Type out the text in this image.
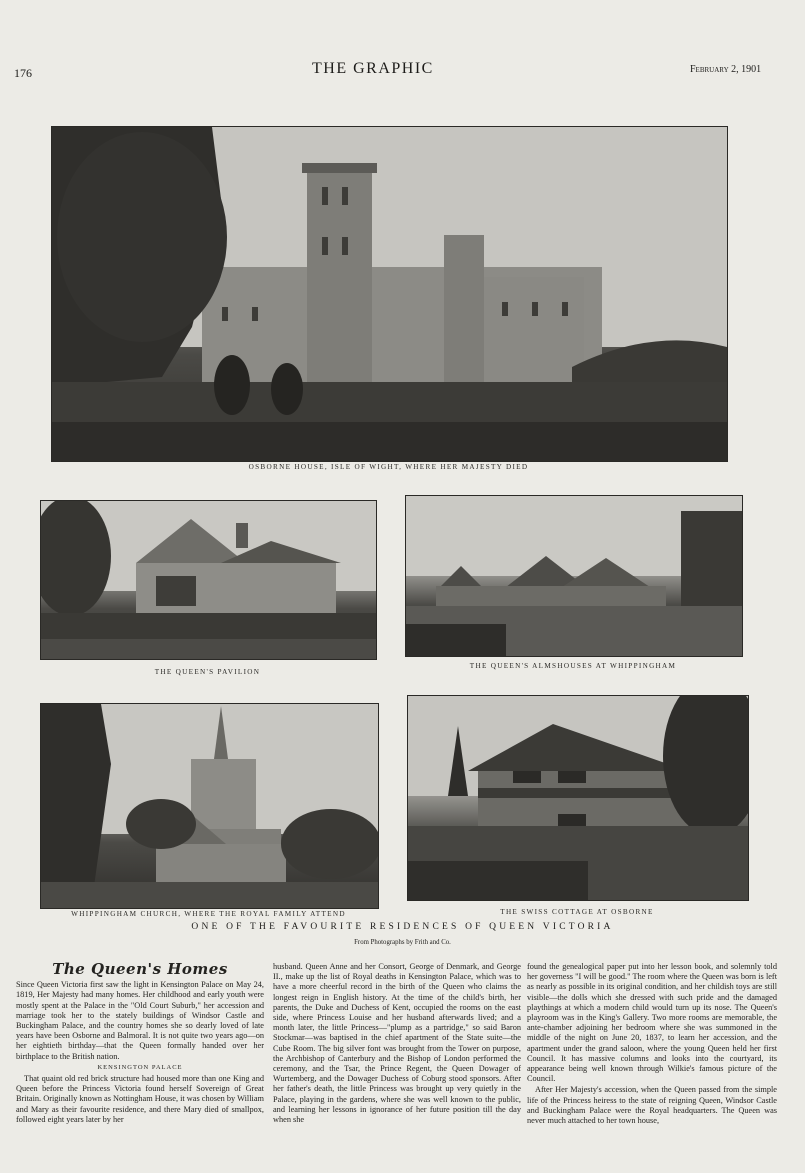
176	THE GRAPHIC	February 2, 1901
OSBORNE HOUSE, ISLE OF WIGHT, WHERE HER MAJESTY DIED
THE QUEEN'S PAVILION
THE QUEEN'S ALMSHOUSES AT WHIPPINGHAM
WHIPPINGHAM CHURCH, WHERE THE ROYAL FAMILY ATTEND	THE SWISS COTTAGE AT OSBORNE
ONE OF THE FAVOURITE RESIDENCES OF QUEEN VICTORIA
From Photographs by Frith and Co.
The Queen's Homes

Since Queen Victoria first saw the light in Kensington Palace on May 24, 1819, Her Majesty had many homes. Her childhood and early youth were mostly spent at the Palace in the "Old Court Suburb," her accession and marriage took her to the stately buildings of Windsor Castle and Buckingham Palace, and the country homes she so dearly loved of late years have been Osborne and Balmoral. It is not quite two years ago—on her eightieth birthday—that the Queen formally handed over her birthplace to the British nation.

KENSINGTON PALACE

That quaint old red brick structure had housed more than one King and Queen before the Princess Victoria found herself Sovereign of Great Britain. Originally known as Nottingham House, it was chosen by William and Mary as their favourite residence, and there Mary died of smallpox, followed eight years later by her

husband. Queen Anne and her Consort, George of Denmark, and George II., make up the list of Royal deaths in Kensington Palace, which was to have a more cheerful record in the birth of the Queen who claims the longest reign in English history. At the time of the child's birth, her parents, the Duke and Duchess of Kent, occupied the rooms on the east side, where Princess Louise and her husband afterwards lived; and a month later, the little Princess—"plump as a partridge," so said Baron Stockmar—was baptised in the chief apartment of the State suite—the Cube Room. The big silver font was brought from the Tower on purpose, the Archbishop of Canterbury and the Bishop of London performed the ceremony, and the Tsar, the Prince Regent, the Queen Dowager of Wurtemberg, and the Dowager Duchess of Coburg stood sponsors. After her father's death, the little Princess was brought up very quietly in the Palace, playing in the gardens, where she was well known to the public, and learning her lessons in ignorance of her future position till the day when she

found the genealogical paper put into her lesson book, and solemnly told her governess "I will be good." The room where the Queen was born is left as nearly as possible in its original condition, and her childish toys are still visible—the dolls which she dressed with such pride and the damaged playthings at which a modern child would turn up its nose. The Queen's playroom was in the King's Gallery. Two more rooms are memorable, the ante-chamber adjoining her bedroom where she was summoned in the middle of the night on June 20, 1837, to learn her accession, and the apartment under the grand saloon, where the young Queen held her first Council. It has massive columns and looks into the courtyard, its appearance being well known through Wilkie's famous picture of the Council.

After Her Majesty's accession, when the Queen passed from the simple life of the Princess heiress to the state of reigning Queen, Windsor Castle and Buckingham Palace were the Royal headquarters. The Queen was never much attached to her town house,
